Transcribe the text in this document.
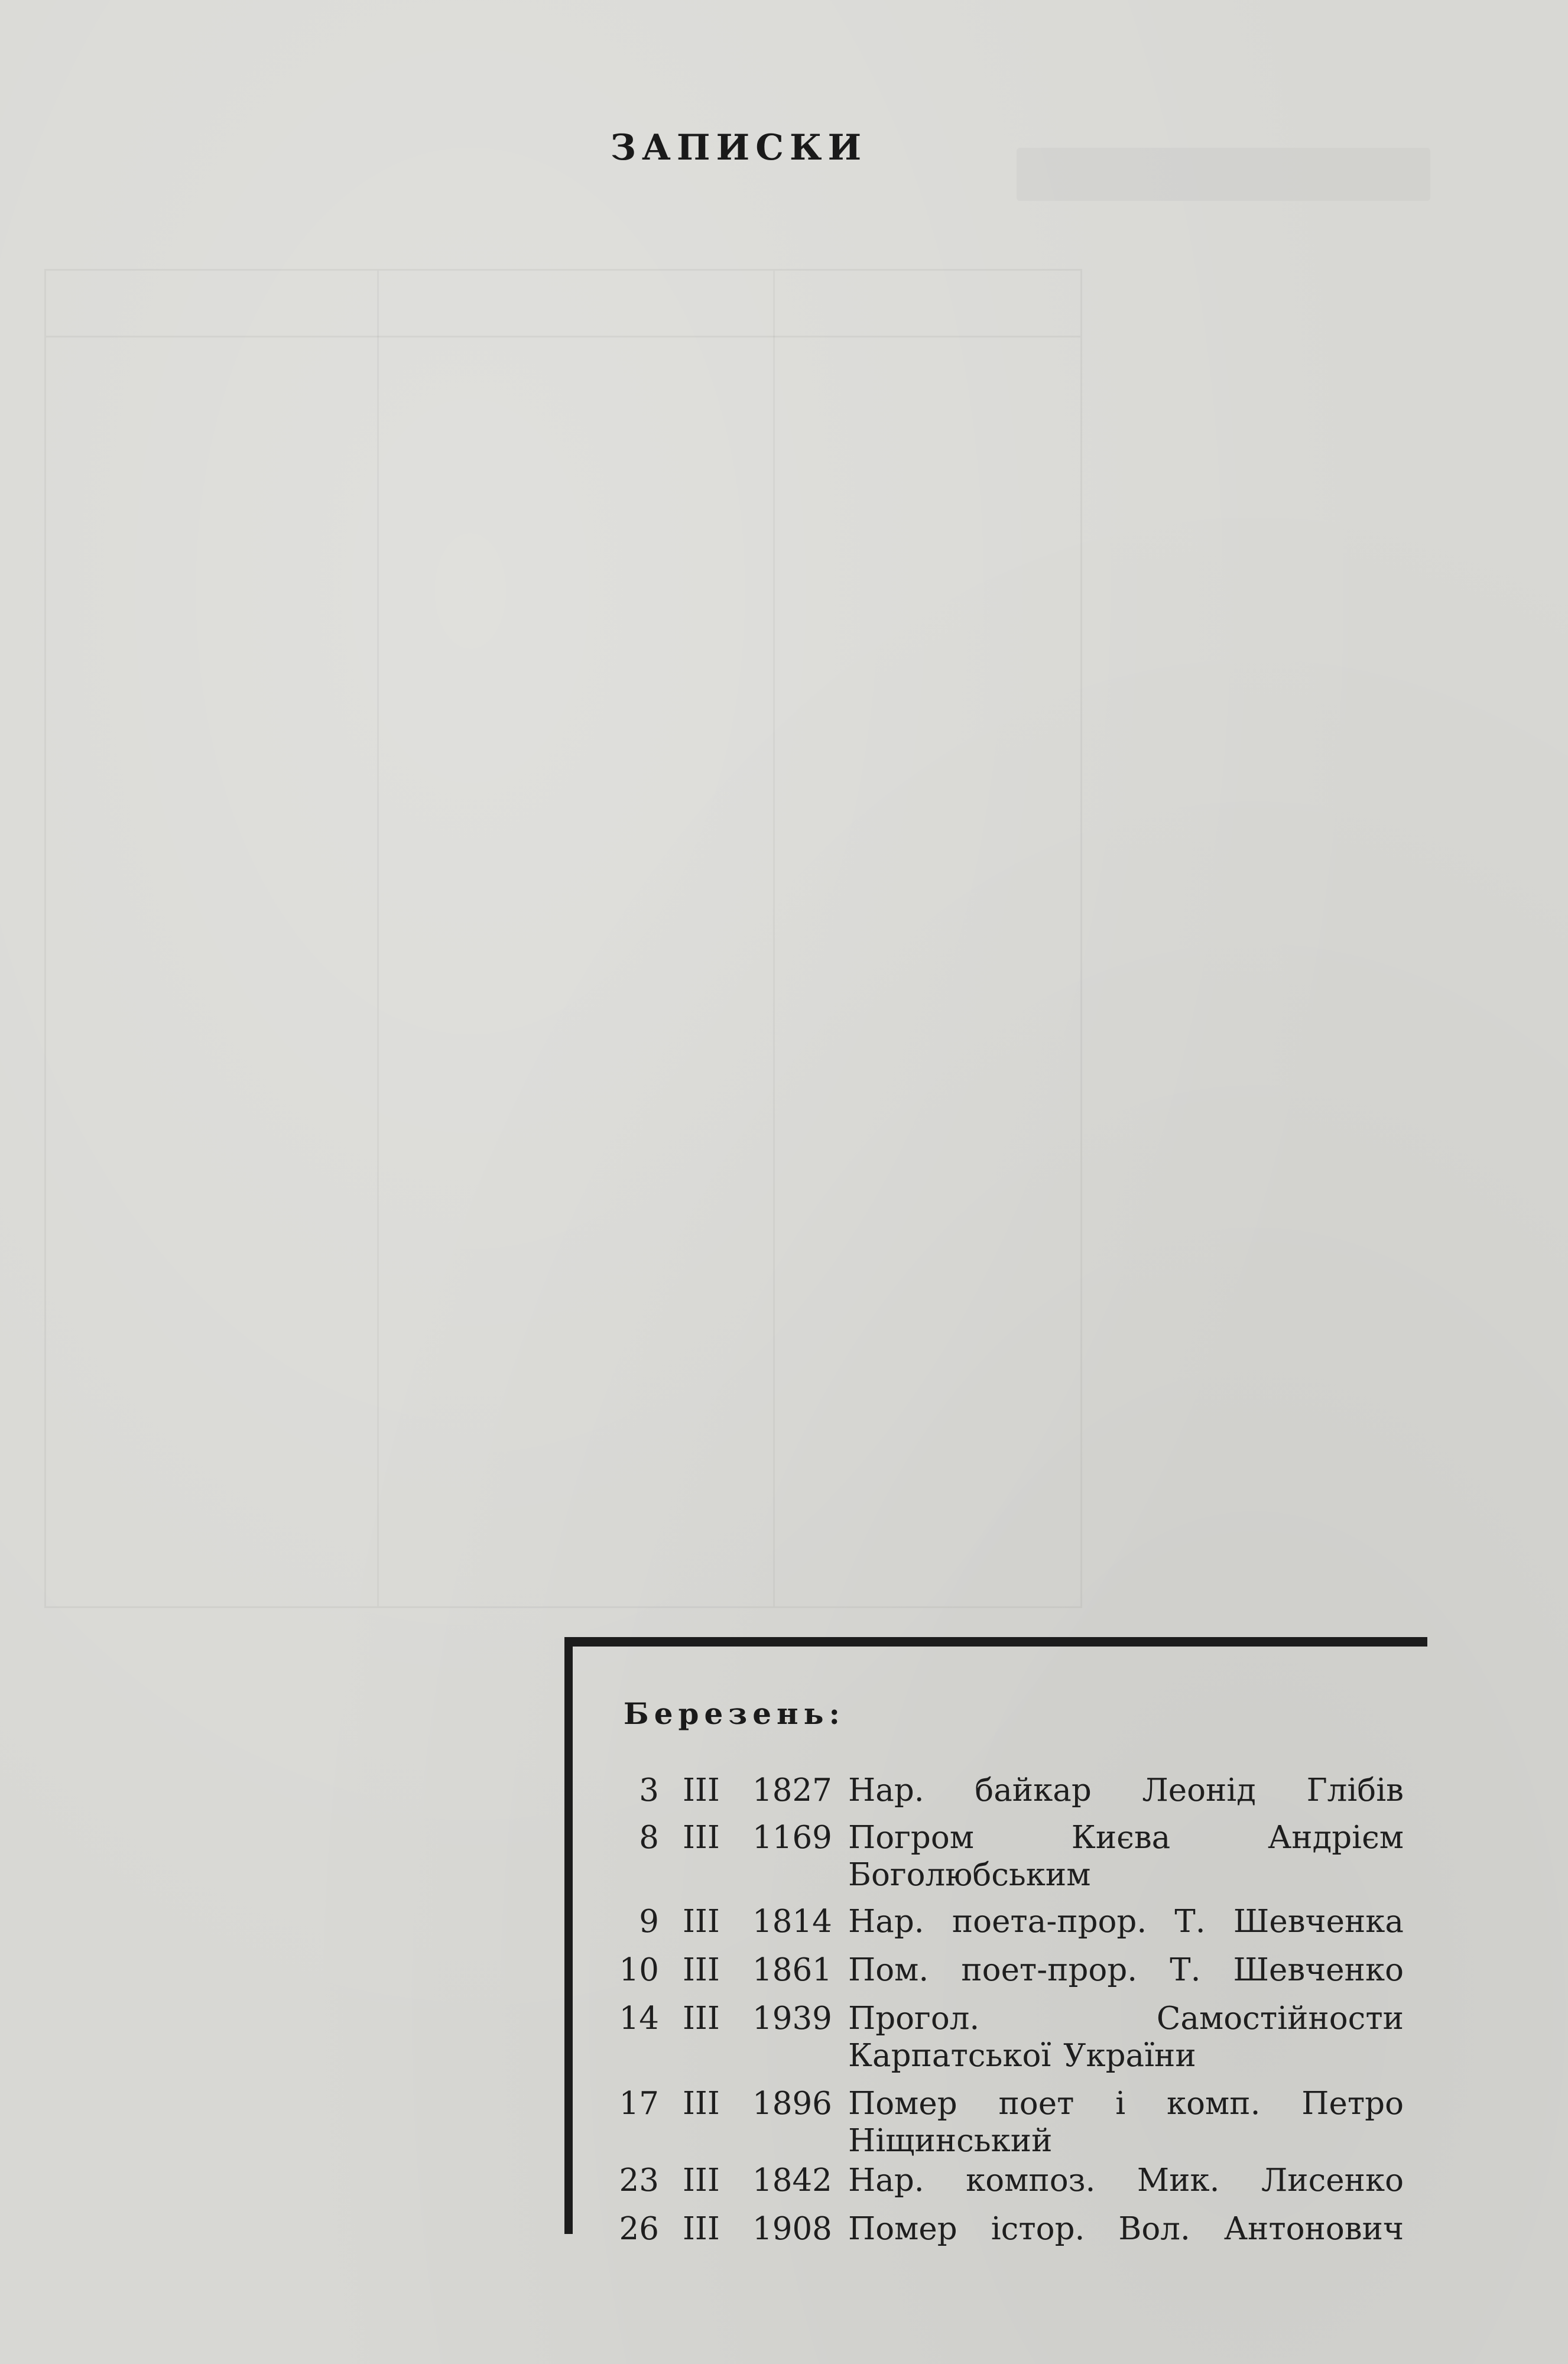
ЗАПИСКИ
Березень:
3 III 1827 Нар. байкар Леонід Глібів
8 III 1169 Погром Києва Андрієм Боголюбським
9 III 1814 Нар. поета-прор. Т. Шевченка
10 III 1861 Пом. поет-прор. Т. Шевченко
14 III 1939 Прогол. Самостійности Карпатської України
17 III 1896 Помер поет і комп. Петро Ніщинський
23 III 1842 Нар. композ. Мик. Лисенко
26 III 1908 Помер істор. Вол. Антонович
